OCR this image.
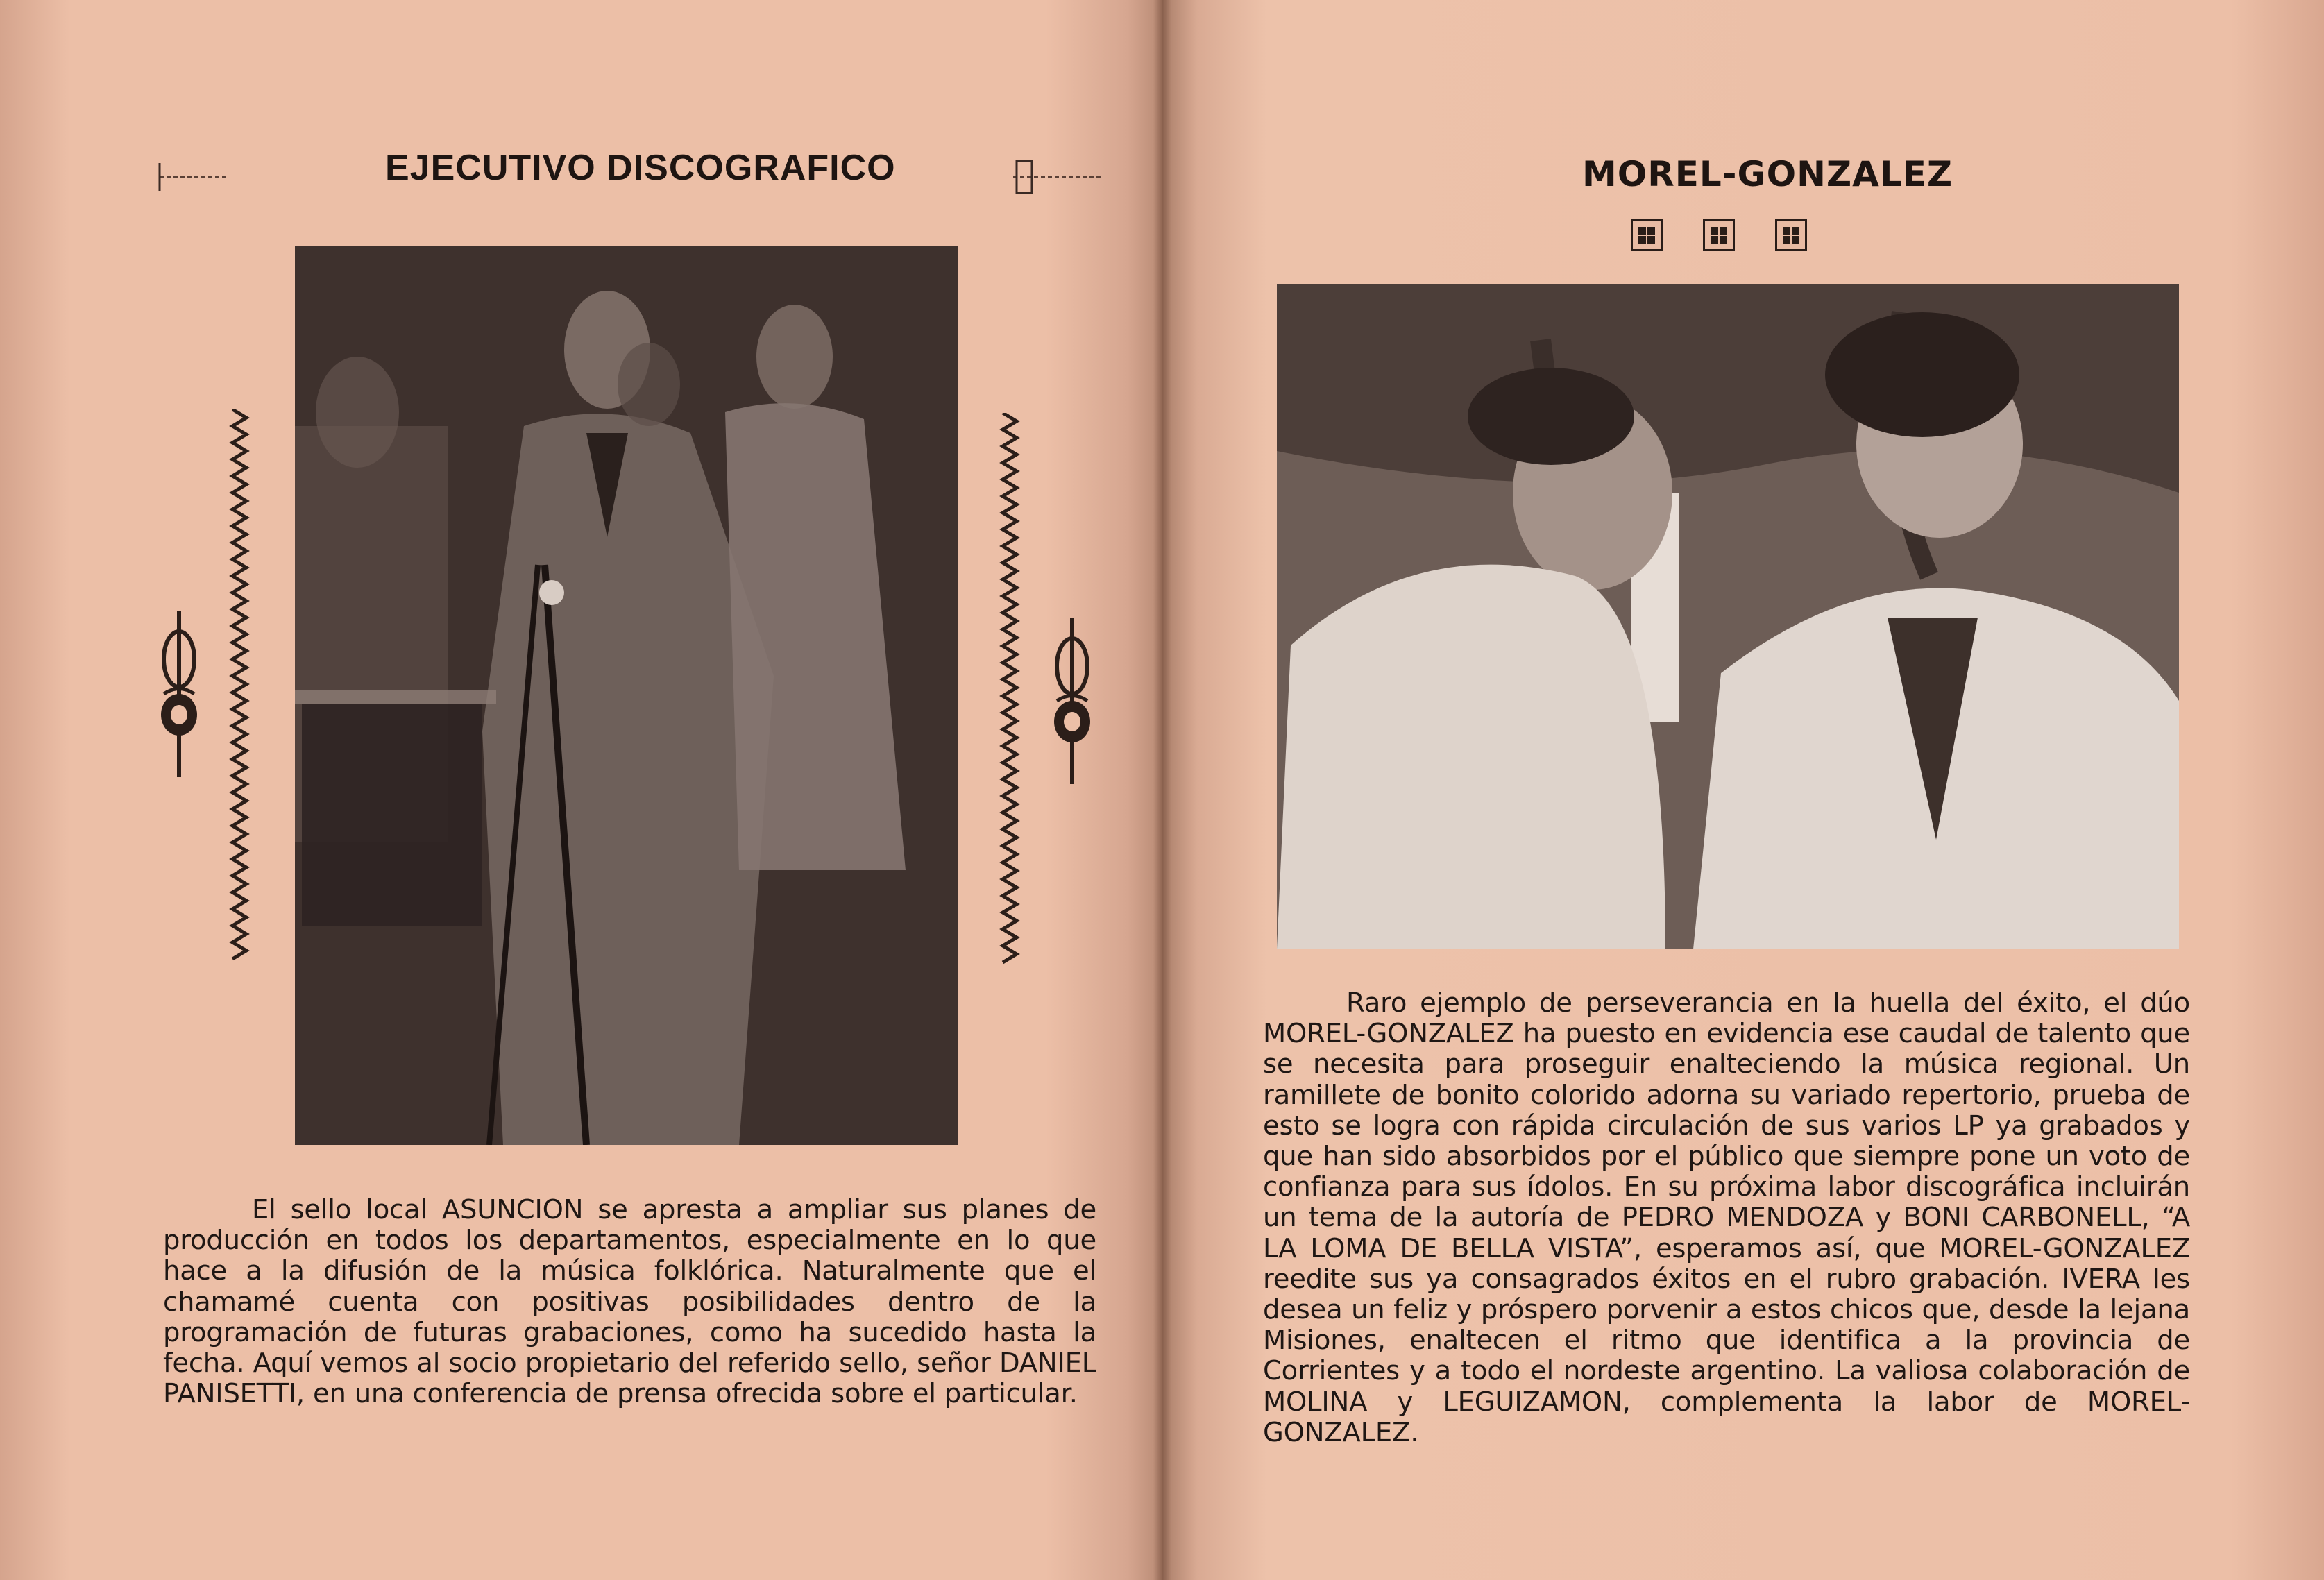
EJECUTIVO DISCOGRAFICO

El sello local ASUNCION se apresta a ampliar sus planes de producción en todos los departamentos, especialmente en lo que hace a la difusión de la música folklórica. Naturalmente que el chamamé cuenta con positivas posibilidades dentro de la programación de futuras grabaciones, como ha sucedido hasta la fecha. Aquí vemos al socio propietario del referido sello, señor DANIEL PANISETTI, en una conferencia de prensa ofrecida sobre el particular.

MOREL-GONZALEZ

Raro ejemplo de perseverancia en la huella del éxito, el dúo MOREL-GONZALEZ ha puesto en evidencia ese caudal de talento que se necesita para proseguir enalteciendo la música regional. Un ramillete de bonito colorido adorna su variado repertorio, prueba de esto se logra con rápida circulación de sus varios LP ya grabados y que han sido absorbidos por el público que siempre pone un voto de confianza para sus ídolos. En su próxima labor discográfica incluirán un tema de la autoría de PEDRO MENDOZA y BONI CARBONELL, “A LA LOMA DE BELLA VISTA”, esperamos así, que MOREL-GONZALEZ reedite sus ya consagrados éxitos en el rubro grabación. IVERA les desea un feliz y próspero porvenir a estos chicos que, desde la lejana Misiones, enaltecen el ritmo que identifica a la provincia de Corrientes y a todo el nordeste argentino. La valiosa colaboración de MOLINA y LEGUIZAMON, complementa la labor de MOREL-GONZALEZ.
